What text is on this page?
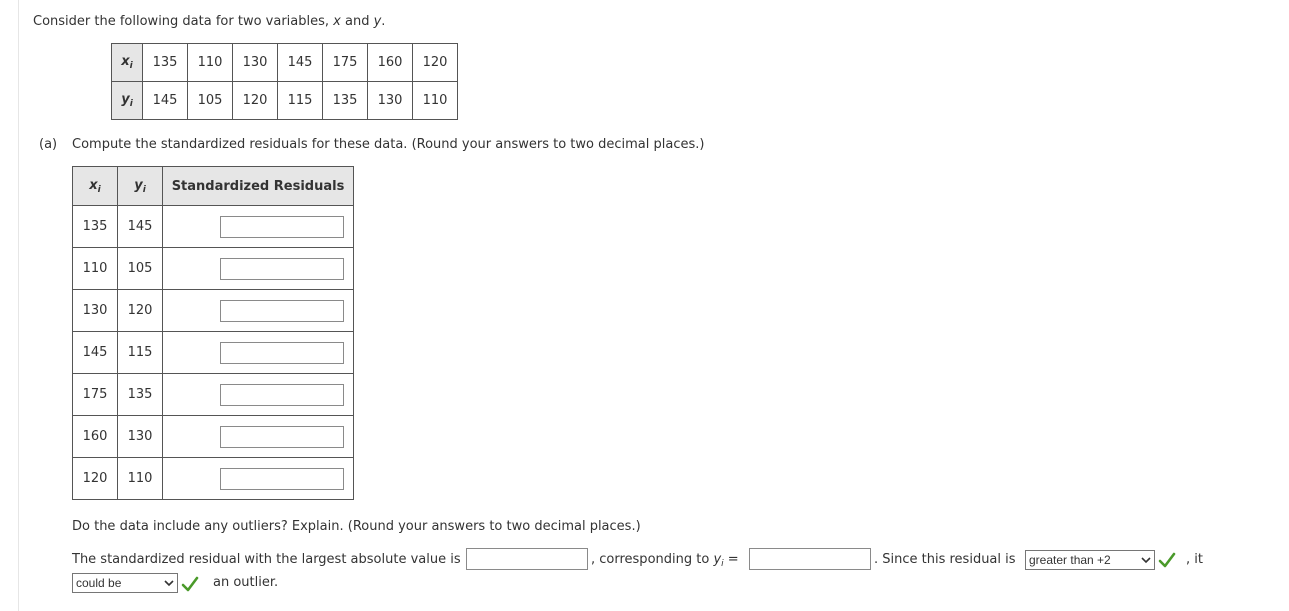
Consider the following data for two variables, x and y.
$x_i$	135	110	130	145	175	160	120
$y_i$	145	105	120	115	135	130	110
(a) Compute the standardized residuals for these data. (Round your answers to two decimal places.)
$x_i$	$y_i$	Standardized Residuals
135	145	

110	105	

130	120	

145	115	

175	135	

160	130	

120	110	
Do the data include any outliers? Explain. (Round your answers to two decimal places.)
The standardized residual with the largest absolute value is	, corresponding to $y_i$ =	. Since this residual is greater than +2	, it
could be	an outlier.
